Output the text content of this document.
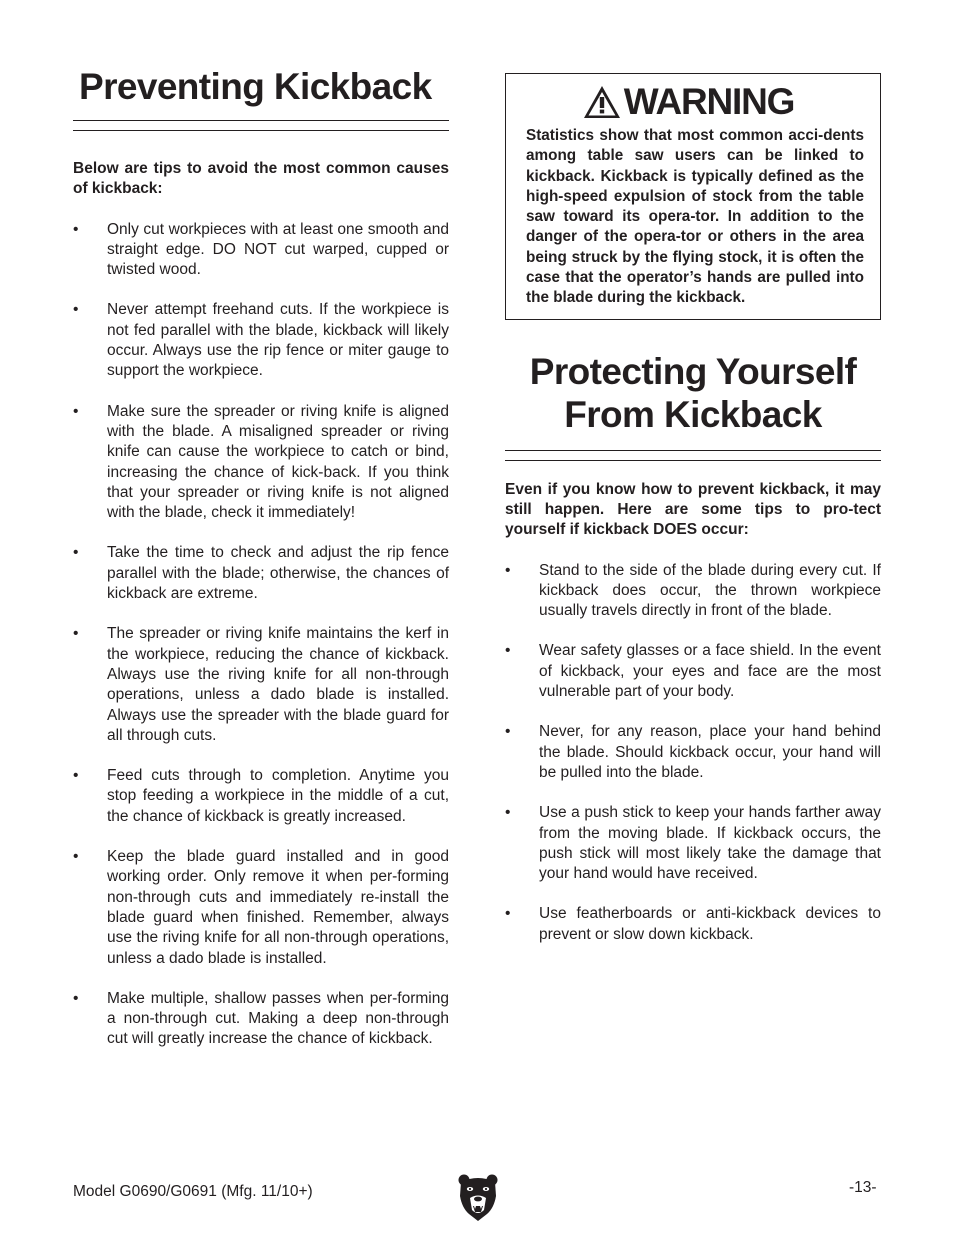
Preventing Kickback

Below are tips to avoid the most common causes of kickback:

• Only cut workpieces with at least one smooth and straight edge. DO NOT cut warped, cupped or twisted wood.
• Never attempt freehand cuts. If the workpiece is not fed parallel with the blade, kickback will likely occur. Always use the rip fence or miter gauge to support the workpiece.
• Make sure the spreader or riving knife is aligned with the blade. A misaligned spreader or riving knife can cause the workpiece to catch or bind, increasing the chance of kick-back. If you think that your spreader or riving knife is not aligned with the blade, check it immediately!
• Take the time to check and adjust the rip fence parallel with the blade; otherwise, the chances of kickback are extreme.
• The spreader or riving knife maintains the kerf in the workpiece, reducing the chance of kickback. Always use the riving knife for all non-through operations, unless a dado blade is installed. Always use the spreader with the blade guard for all through cuts.
• Feed cuts through to completion. Anytime you stop feeding a workpiece in the middle of a cut, the chance of kickback is greatly increased.
• Keep the blade guard installed and in good working order. Only remove it when per-forming non-through cuts and immediately re-install the blade guard when finished. Remember, always use the riving knife for all non-through operations, unless a dado blade is installed.
• Make multiple, shallow passes when per-forming a non-through cut. Making a deep non-through cut will greatly increase the chance of kickback.
WARNING

Statistics show that most common acci-dents among table saw users can be linked to kickback. Kickback is typically defined as the high-speed expulsion of stock from the table saw toward its opera-tor. In addition to the danger of the opera-tor or others in the area being struck by the flying stock, it is often the case that the operator’s hands are pulled into the blade during the kickback.

Protecting Yourself
From Kickback

Even if you know how to prevent kickback, it may still happen. Here are some tips to pro-tect yourself if kickback DOES occur:

• Stand to the side of the blade during every cut. If kickback does occur, the thrown workpiece usually travels directly in front of the blade.
• Wear safety glasses or a face shield. In the event of kickback, your eyes and face are the most vulnerable part of your body.
• Never, for any reason, place your hand behind the blade. Should kickback occur, your hand will be pulled into the blade.
• Use a push stick to keep your hands farther away from the moving blade. If kickback occurs, the push stick will most likely take the damage that your hand would have received.
• Use featherboards or anti-kickback devices to prevent or slow down kickback.
Model G0690/G0691 (Mfg. 11/10+)	-13-
